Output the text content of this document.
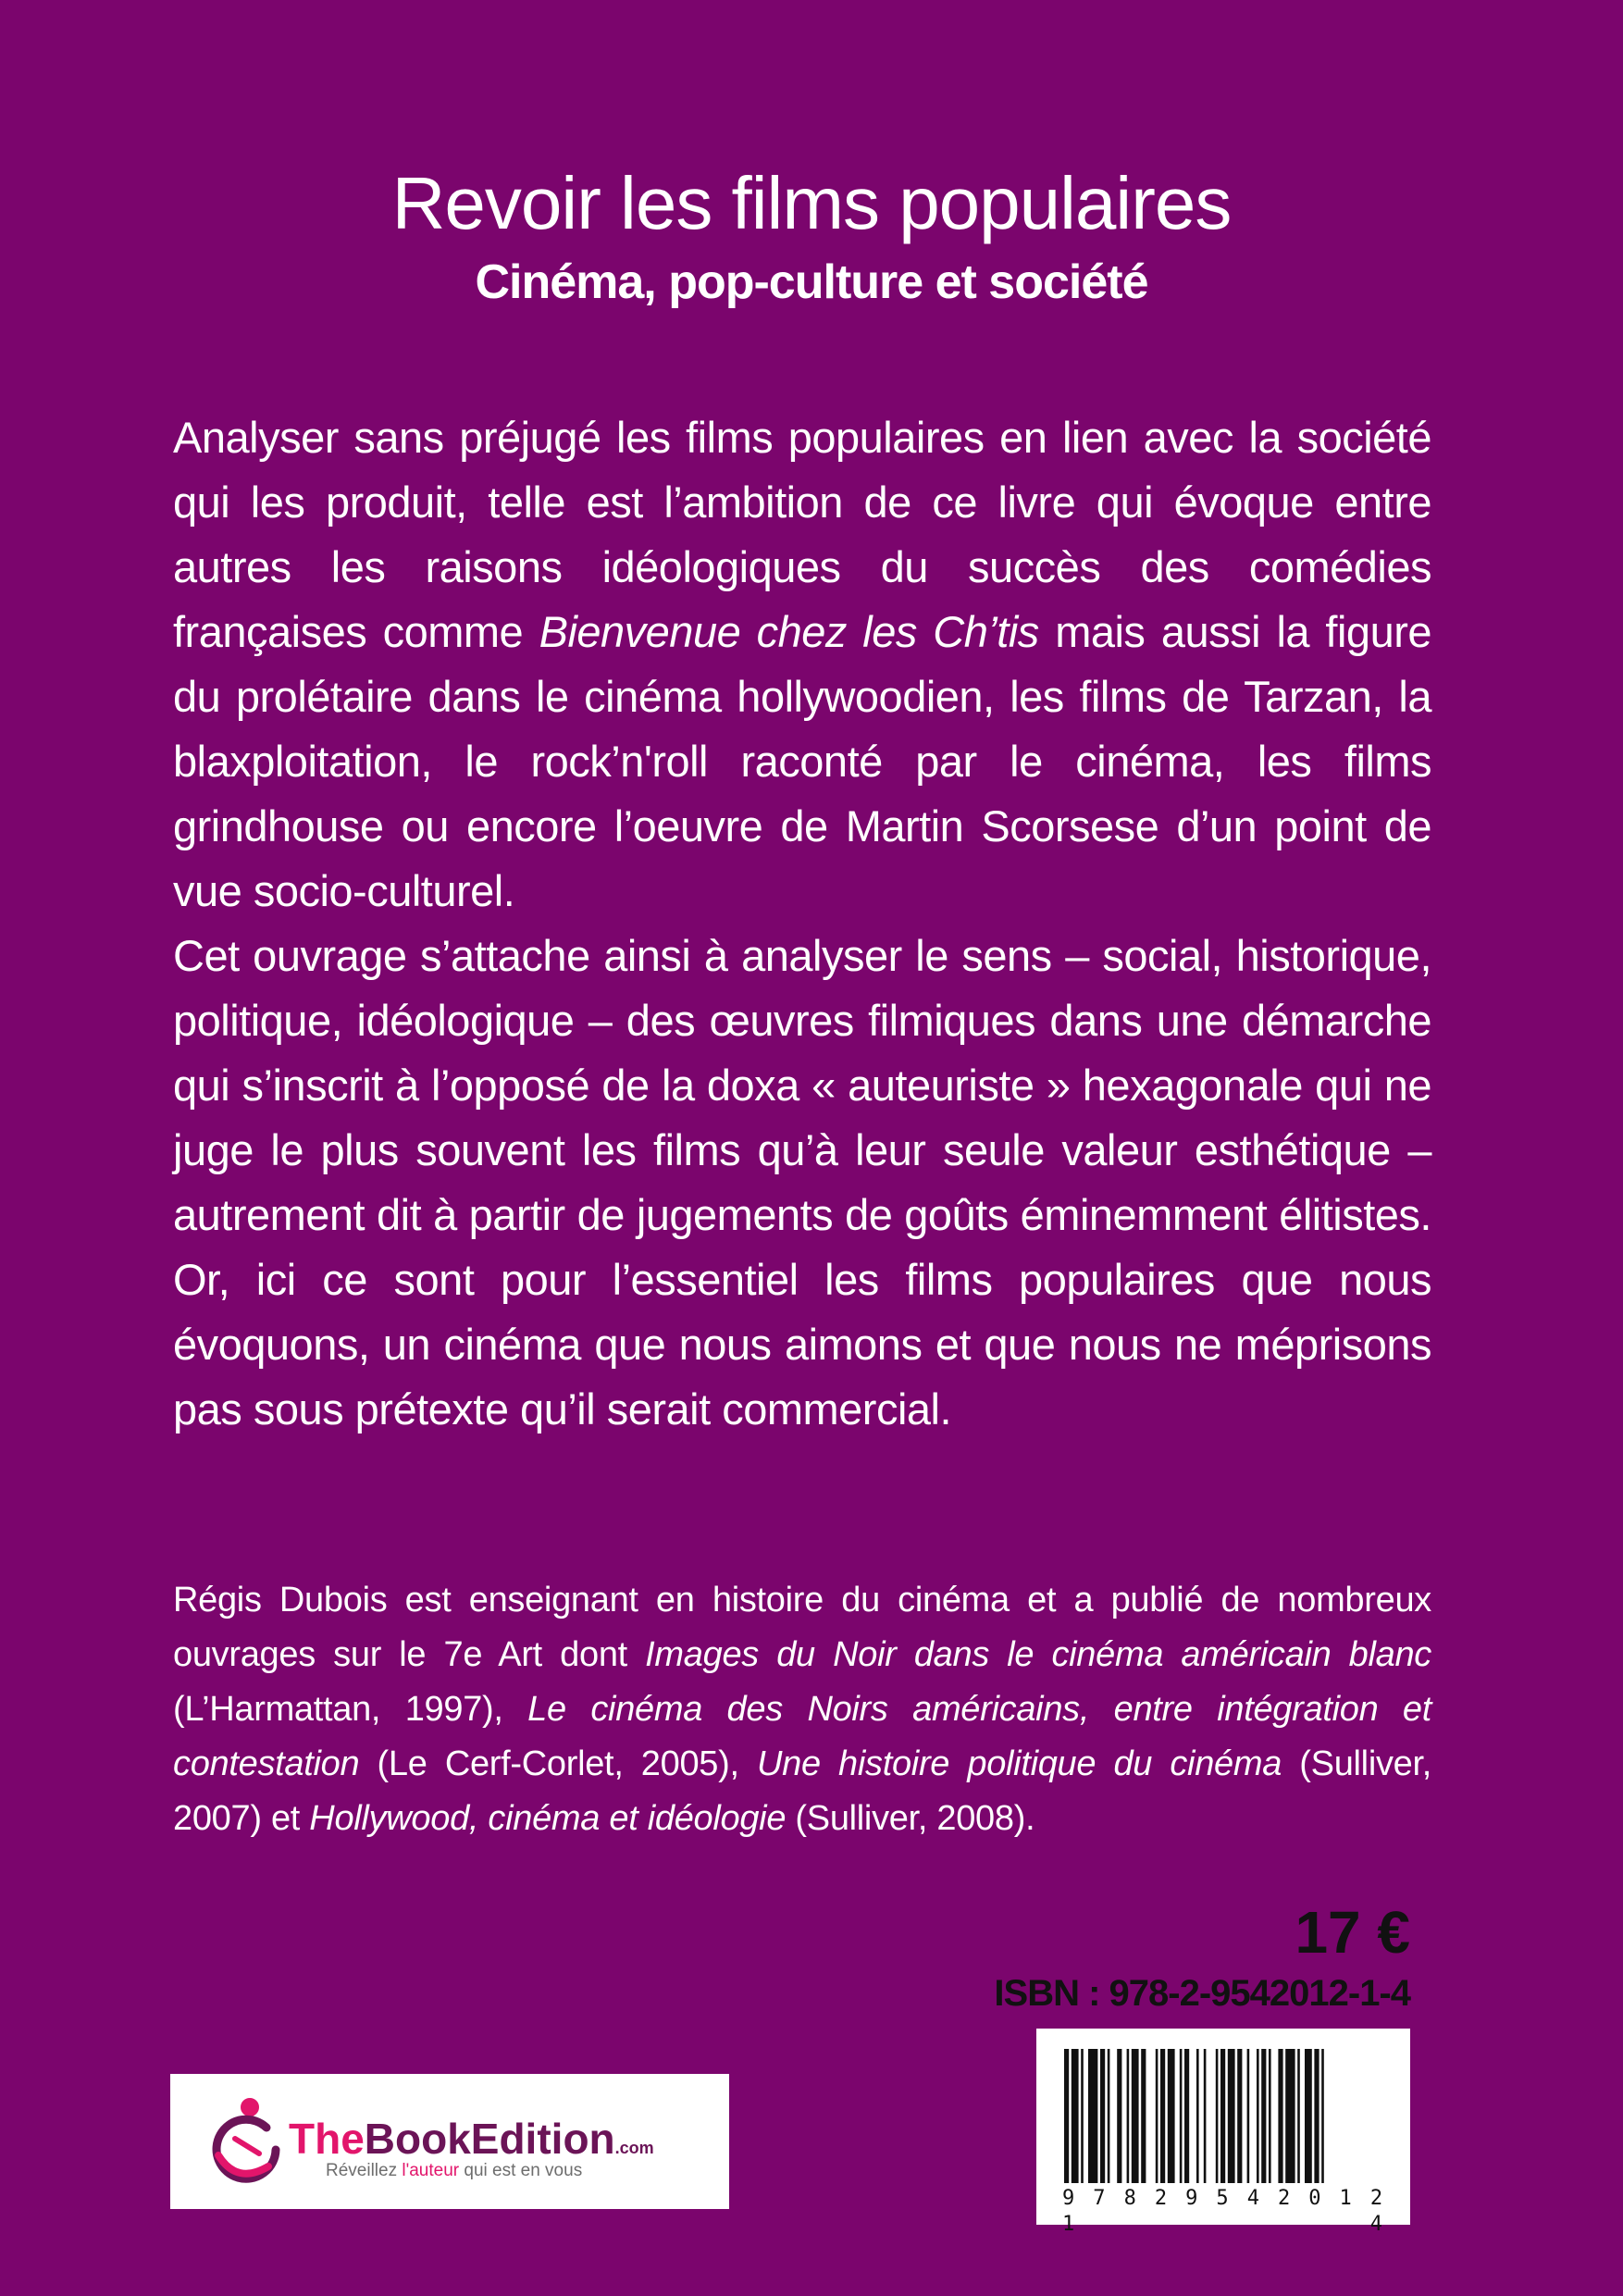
Revoir les films populaires
Cinéma, pop-culture et société

Analyser sans préjugé les films populaires en lien avec la société qui les produit, telle est l’ambition de ce livre qui évoque entre autres les raisons idéologiques du succès des comédies françaises comme Bienvenue chez les Ch’tis mais aussi la figure du prolétaire dans le cinéma hollywoodien, les films de Tarzan, la blaxploitation, le rock’n'roll raconté par le cinéma, les films grindhouse ou encore l’oeuvre de Martin Scorsese d’un point de vue socio-culturel.

Cet ouvrage s’attache ainsi à analyser le sens – social, historique, politique, idéologique – des œuvres filmiques dans une démarche qui s’inscrit à l’opposé de la doxa « auteuriste » hexagonale qui ne juge le plus souvent les films qu’à leur seule valeur esthétique – autrement dit à partir de jugements de goûts éminemment élitistes. Or, ici ce sont pour l’essentiel les films populaires que nous évoquons, un cinéma que nous aimons et que nous ne méprisons pas sous prétexte qu’il serait commercial.

Régis Dubois est enseignant en histoire du cinéma et a publié de nombreux ouvrages sur le 7e Art dont Images du Noir dans le cinéma américain blanc (L’Harmattan, 1997), Le cinéma des Noirs américains, entre intégration et contestation (Le Cerf-Corlet, 2005), Une histoire politique du cinéma (Sulliver, 2007) et Hollywood, cinéma et idéologie (Sulliver, 2008).

17 €
ISBN : 978-2-9542012-1-4
TheBookEdition.com
Réveillez l'auteur qui est en vous
9 7 8 2 9 5 4 2 0 1 2 1	4
